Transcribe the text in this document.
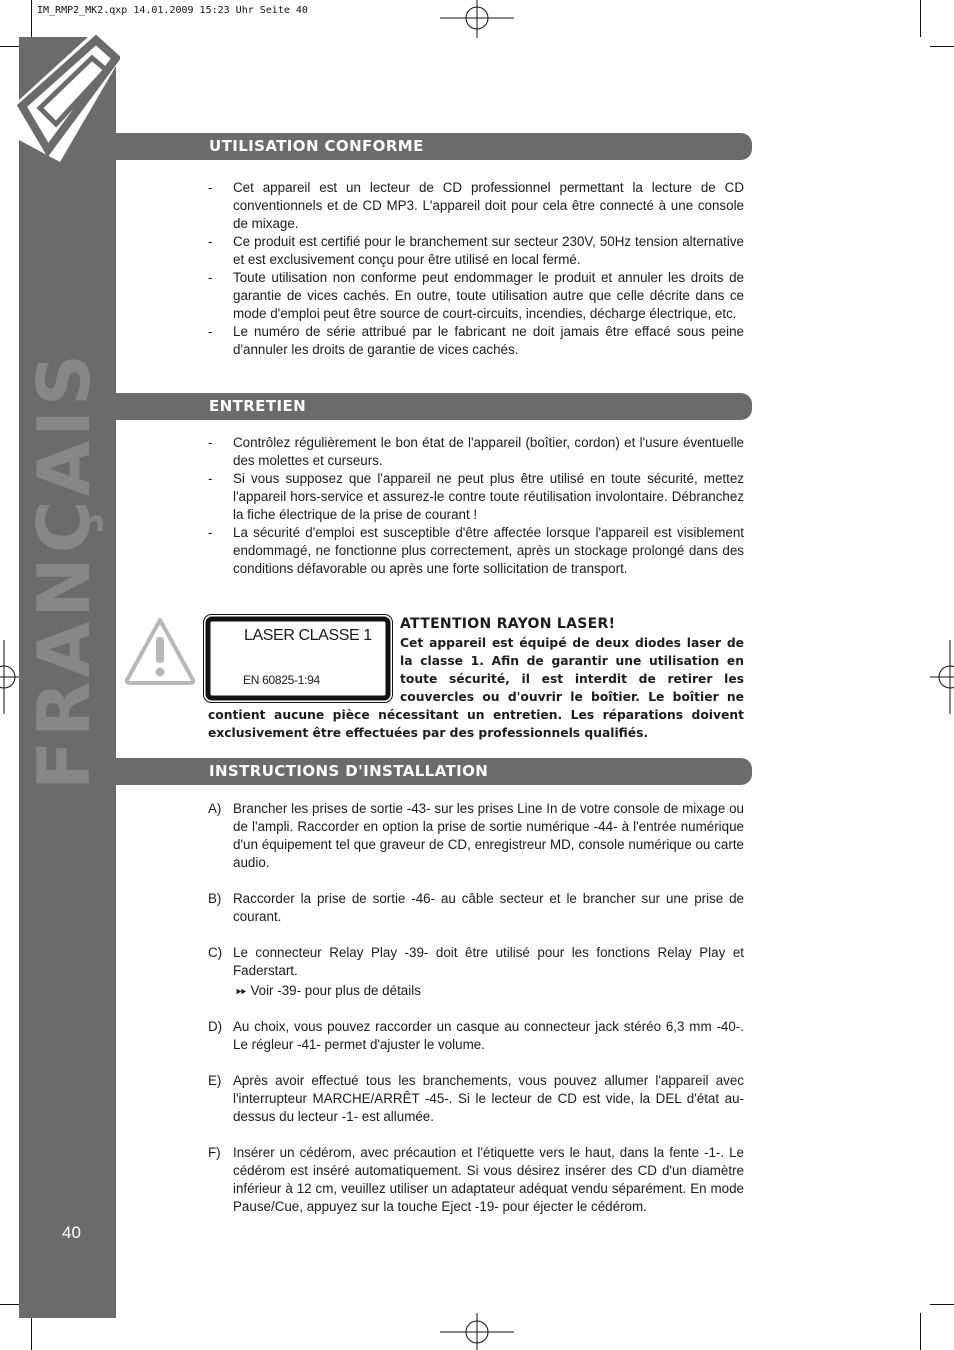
IM_RMP2_MK2.qxp 14.01.2009 15:23 Uhr Seite 40
40
UTILISATION CONFORME
ENTRETIEN
INSTRUCTIONS D'INSTALLATION
-	Cet appareil est un lecteur de CD professionnel permettant la lecture de CD conventionnels et de CD MP3. L'appareil doit pour cela être connecté à une console de mixage.
-	Ce produit est certifié pour le branchement sur secteur 230V, 50Hz tension alternative et est exclusivement conçu pour être utilisé en local fermé.
-	Toute utilisation non conforme peut endommager le produit et annuler les droits de garantie de vices cachés. En outre, toute utilisation autre que celle décrite dans ce mode d'emploi peut être source de court-circuits, incendies, décharge électrique, etc.
-	Le numéro de série attribué par le fabricant ne doit jamais être effacé sous peine d'annuler les droits de garantie de vices cachés.
-	Contrôlez régulièrement le bon état de l'appareil (boîtier, cordon) et l'usure éventuelle des molettes et curseurs.
-	Si vous supposez que l'appareil ne peut plus être utilisé en toute sécurité, mettez l'appareil hors-service et assurez-le contre toute réutilisation involontaire. Débranchez la fiche électrique de la prise de courant !
-	La sécurité d'emploi est susceptible d'être affectée lorsque l'appareil est visiblement endommagé, ne fonctionne plus correctement, après un stockage prolongé dans des conditions défavorable ou après une forte sollicitation de transport.
LASER CLASSE 1
EN 60825-1:94
ATTENTION RAYON LASER!

Cet appareil est équipé de deux diodes laser de la classe 1. Afin de garantir une utilisation en toute sécurité, il est interdit de retirer les couvercles ou d'ouvrir le boîtier. Le boîtier ne contient aucune pièce nécessitant un entretien. Les réparations doivent exclusivement être effectuées par des professionnels qualifiés.

A) Brancher les prises de sortie -43- sur les prises Line In de votre console de mixage ou de l'ampli. Raccorder en option la prise de sortie numérique -44- à l'entrée numérique d'un équipement tel que graveur de CD, enregistreur MD, console numérique ou carte audio.
B) Raccorder la prise de sortie -46- au câble secteur et le brancher sur une prise de courant.
C) Le connecteur Relay Play -39- doit être utilisé pour les fonctions Relay Play et Faderstart.
⏩︎ Voir -39- pour plus de détails
D) Au choix, vous pouvez raccorder un casque au connecteur jack stéréo 6,3 mm -40-. Le régleur -41- permet d'ajuster le volume.
E) Après avoir effectué tous les branchements, vous pouvez allumer l'appareil avec l'interrupteur MARCHE/ARRÊT -45-. Si le lecteur de CD est vide, la DEL d'état au-dessus du lecteur -1- est allumée.
F) Insérer un cédérom, avec précaution et l'étiquette vers le haut, dans la fente -1-. Le cédérom est inséré automatiquement. Si vous désirez insérer des CD d'un diamètre inférieur à 12 cm, veuillez utiliser un adaptateur adéquat vendu séparément. En mode Pause/Cue, appuyez sur la touche Eject -19- pour éjecter le cédérom.
